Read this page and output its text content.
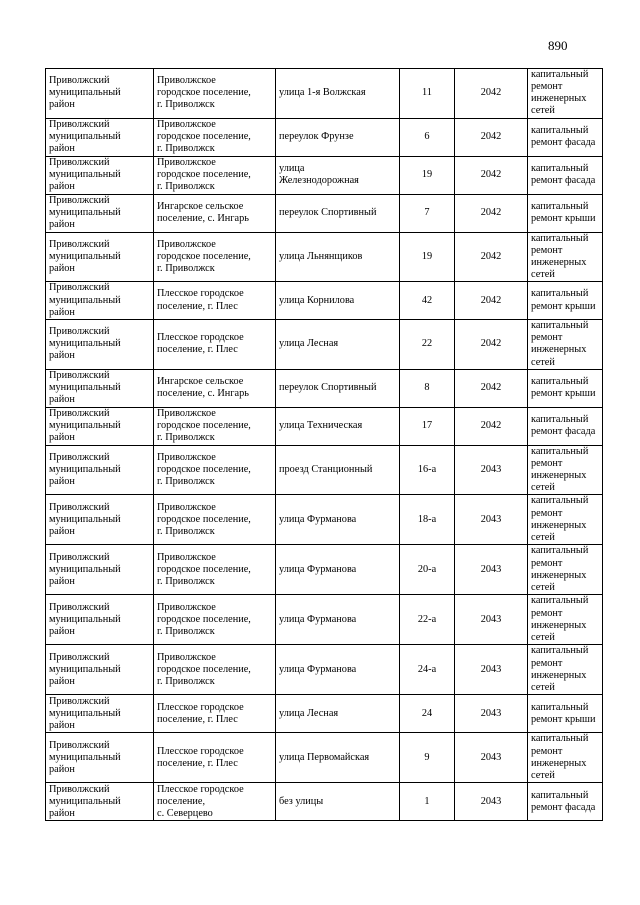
890
Приволжский
муниципальный
район	Приволжское
городское поселение,
г. Приволжск	улица 1-я Волжская	11	2042	капитальный
ремонт
инженерных
сетей

Приволжский
муниципальный
район	Приволжское
городское поселение,
г. Приволжск	переулок Фрунзе	6	2042	капитальный
ремонт фасада

Приволжский
муниципальный
район	Приволжское
городское поселение,
г. Приволжск	улица
Железнодорожная	19	2042	капитальный
ремонт фасада

Приволжский
муниципальный
район	Ингарское сельское
поселение, с. Ингарь	переулок Спортивный	7	2042	капитальный
ремонт крыши

Приволжский
муниципальный
район	Приволжское
городское поселение,
г. Приволжск	улица Льнянщиков	19	2042	капитальный
ремонт
инженерных
сетей

Приволжский
муниципальный
район	Плесское городское
поселение, г. Плес	улица Корнилова	42	2042	капитальный
ремонт крыши

Приволжский
муниципальный
район	Плесское городское
поселение, г. Плес	улица Лесная	22	2042	капитальный
ремонт
инженерных
сетей

Приволжский
муниципальный
район	Ингарское сельское
поселение, с. Ингарь	переулок Спортивный	8	2042	капитальный
ремонт крыши

Приволжский
муниципальный
район	Приволжское
городское поселение,
г. Приволжск	улица Техническая	17	2042	капитальный
ремонт фасада

Приволжский
муниципальный
район	Приволжское
городское поселение,
г. Приволжск	проезд Станционный	16-а	2043	капитальный
ремонт
инженерных
сетей

Приволжский
муниципальный
район	Приволжское
городское поселение,
г. Приволжск	улица Фурманова	18-а	2043	капитальный
ремонт
инженерных
сетей

Приволжский
муниципальный
район	Приволжское
городское поселение,
г. Приволжск	улица Фурманова	20-а	2043	капитальный
ремонт
инженерных
сетей

Приволжский
муниципальный
район	Приволжское
городское поселение,
г. Приволжск	улица Фурманова	22-а	2043	капитальный
ремонт
инженерных
сетей

Приволжский
муниципальный
район	Приволжское
городское поселение,
г. Приволжск	улица Фурманова	24-а	2043	капитальный
ремонт
инженерных
сетей

Приволжский
муниципальный
район	Плесское городское
поселение, г. Плес	улица Лесная	24	2043	капитальный
ремонт крыши

Приволжский
муниципальный
район	Плесское городское
поселение, г. Плес	улица Первомайская	9	2043	капитальный
ремонт
инженерных
сетей

Приволжский
муниципальный
район	Плесское городское
поселение,
с. Северцево	без улицы	1	2043	капитальный
ремонт фасада
